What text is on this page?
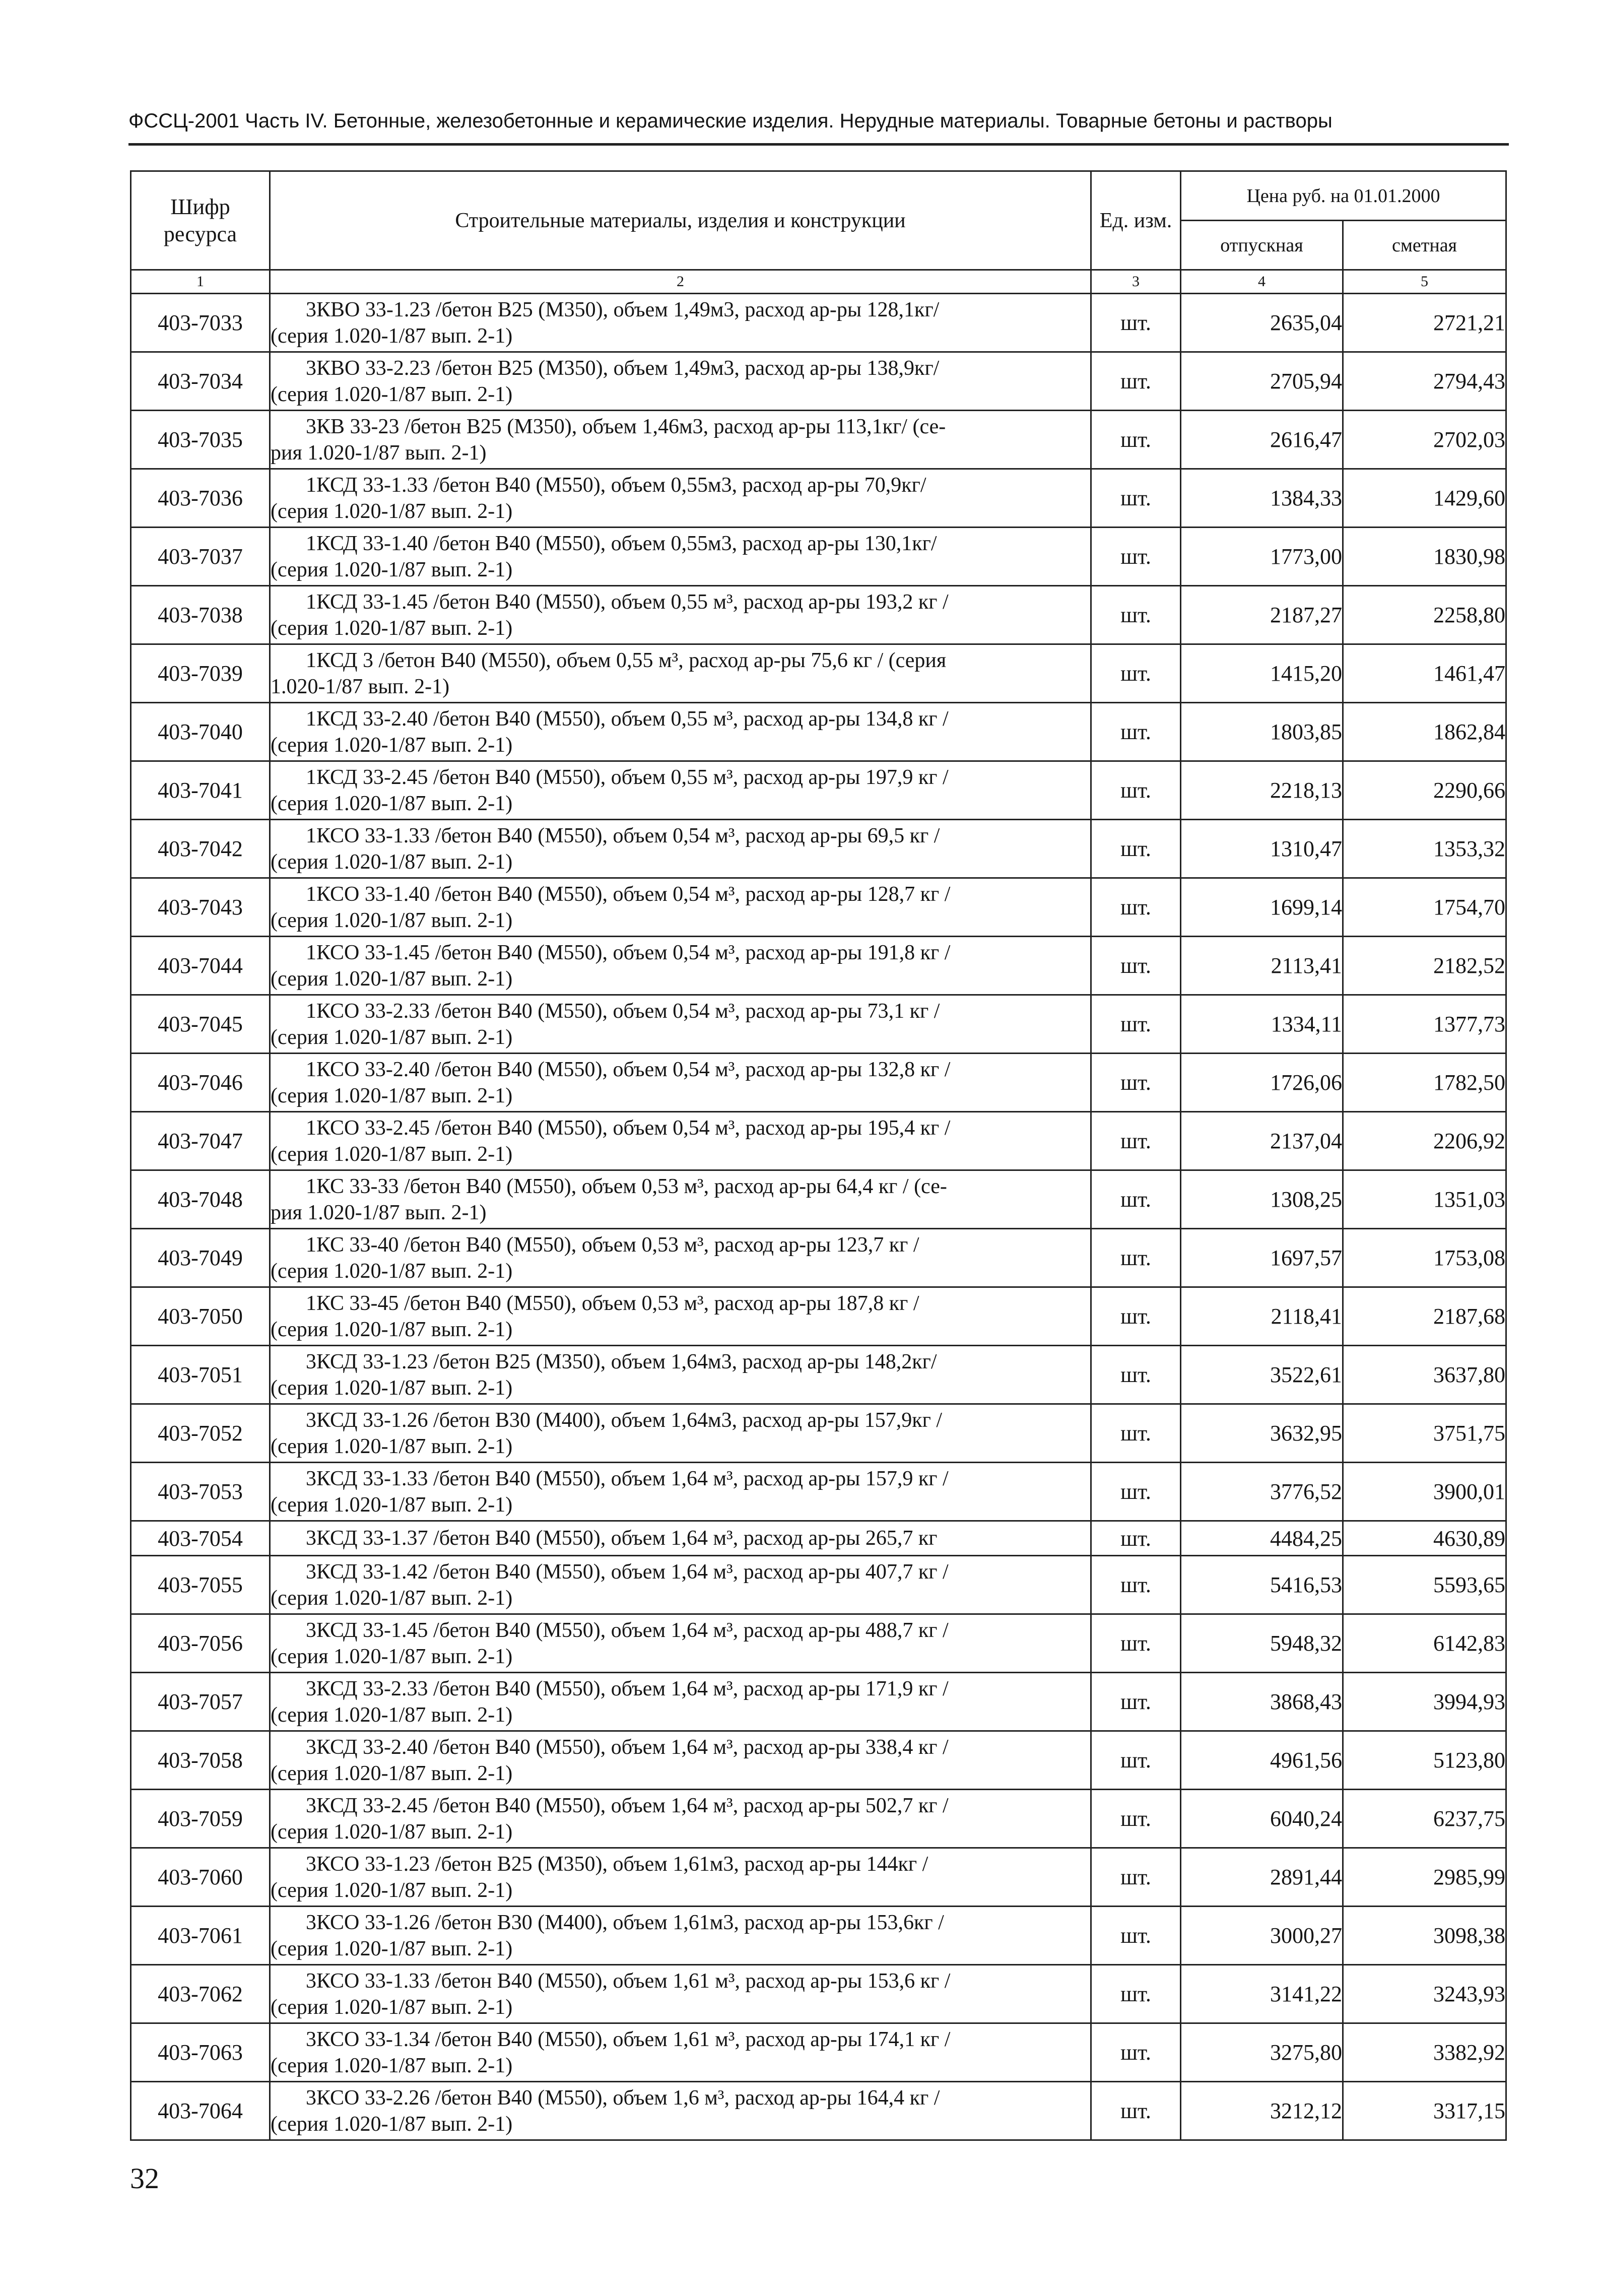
ФССЦ-2001 Часть IV. Бетонные, железобетонные и керамические изделия. Нерудные материалы. Товарные бетоны и растворы
Шифр ресурса	Строительные материалы, изделия и конструкции	Ед. изм.	Цена руб. на 01.01.2000	
			отпускная	сметная
1	2	3	4	5
403-7033	3КВО 33-1.23 /бетон В25 (М350), объем 1,49м3, расход ар-ры 128,1кг/
(серия 1.020-1/87 вып. 2-1)	шт.	2635,04	2721,21
403-7034	3КВО 33-2.23 /бетон В25 (М350), объем 1,49м3, расход ар-ры 138,9кг/
(серия 1.020-1/87 вып. 2-1)	шт.	2705,94	2794,43
403-7035	3КВ 33-23 /бетон В25 (М350), объем 1,46м3, расход ар-ры 113,1кг/ (се-
рия 1.020-1/87 вып. 2-1)	шт.	2616,47	2702,03
403-7036	1КСД 33-1.33 /бетон В40 (М550), объем 0,55м3, расход ар-ры 70,9кг/
(серия 1.020-1/87 вып. 2-1)	шт.	1384,33	1429,60
403-7037	1КСД 33-1.40 /бетон В40 (М550), объем 0,55м3, расход ар-ры 130,1кг/
(серия 1.020-1/87 вып. 2-1)	шт.	1773,00	1830,98
403-7038	1КСД 33-1.45 /бетон В40 (М550), объем 0,55 м³, расход ар-ры 193,2 кг /
(серия 1.020-1/87 вып. 2-1)	шт.	2187,27	2258,80
403-7039	1КСД 3 /бетон В40 (М550), объем 0,55 м³, расход ар-ры 75,6 кг / (серия
1.020-1/87 вып. 2-1)	шт.	1415,20	1461,47
403-7040	1КСД 33-2.40 /бетон В40 (М550), объем 0,55 м³, расход ар-ры 134,8 кг /
(серия 1.020-1/87 вып. 2-1)	шт.	1803,85	1862,84
403-7041	1КСД 33-2.45 /бетон В40 (М550), объем 0,55 м³, расход ар-ры 197,9 кг /
(серия 1.020-1/87 вып. 2-1)	шт.	2218,13	2290,66
403-7042	1КСО 33-1.33 /бетон В40 (М550), объем 0,54 м³, расход ар-ры 69,5 кг /
(серия 1.020-1/87 вып. 2-1)	шт.	1310,47	1353,32
403-7043	1КСО 33-1.40 /бетон В40 (М550), объем 0,54 м³, расход ар-ры 128,7 кг /
(серия 1.020-1/87 вып. 2-1)	шт.	1699,14	1754,70
403-7044	1КСО 33-1.45 /бетон В40 (М550), объем 0,54 м³, расход ар-ры 191,8 кг /
(серия 1.020-1/87 вып. 2-1)	шт.	2113,41	2182,52
403-7045	1КСО 33-2.33 /бетон В40 (М550), объем 0,54 м³, расход ар-ры 73,1 кг /
(серия 1.020-1/87 вып. 2-1)	шт.	1334,11	1377,73
403-7046	1КСО 33-2.40 /бетон В40 (М550), объем 0,54 м³, расход ар-ры 132,8 кг /
(серия 1.020-1/87 вып. 2-1)	шт.	1726,06	1782,50
403-7047	1КСО 33-2.45 /бетон В40 (М550), объем 0,54 м³, расход ар-ры 195,4 кг /
(серия 1.020-1/87 вып. 2-1)	шт.	2137,04	2206,92
403-7048	1КС 33-33 /бетон В40 (М550), объем 0,53 м³, расход ар-ры 64,4 кг / (се-
рия 1.020-1/87 вып. 2-1)	шт.	1308,25	1351,03
403-7049	1КС 33-40 /бетон В40 (М550), объем 0,53 м³, расход ар-ры 123,7 кг /
(серия 1.020-1/87 вып. 2-1)	шт.	1697,57	1753,08
403-7050	1КС 33-45 /бетон В40 (М550), объем 0,53 м³, расход ар-ры 187,8 кг /
(серия 1.020-1/87 вып. 2-1)	шт.	2118,41	2187,68
403-7051	3КСД 33-1.23 /бетон В25 (М350), объем 1,64м3, расход ар-ры 148,2кг/
(серия 1.020-1/87 вып. 2-1)	шт.	3522,61	3637,80
403-7052	3КСД 33-1.26 /бетон В30 (М400), объем 1,64м3, расход ар-ры 157,9кг /
(серия 1.020-1/87 вып. 2-1)	шт.	3632,95	3751,75
403-7053	3КСД 33-1.33 /бетон В40 (М550), объем 1,64 м³, расход ар-ры 157,9 кг /
(серия 1.020-1/87 вып. 2-1)	шт.	3776,52	3900,01
403-7054	3КСД 33-1.37 /бетон В40 (М550), объем 1,64 м³, расход ар-ры 265,7 кг	шт.	4484,25	4630,89
403-7055	3КСД 33-1.42 /бетон В40 (М550), объем 1,64 м³, расход ар-ры 407,7 кг /
(серия 1.020-1/87 вып. 2-1)	шт.	5416,53	5593,65
403-7056	3КСД 33-1.45 /бетон В40 (М550), объем 1,64 м³, расход ар-ры 488,7 кг /
(серия 1.020-1/87 вып. 2-1)	шт.	5948,32	6142,83
403-7057	3КСД 33-2.33 /бетон В40 (М550), объем 1,64 м³, расход ар-ры 171,9 кг /
(серия 1.020-1/87 вып. 2-1)	шт.	3868,43	3994,93
403-7058	3КСД 33-2.40 /бетон В40 (М550), объем 1,64 м³, расход ар-ры 338,4 кг /
(серия 1.020-1/87 вып. 2-1)	шт.	4961,56	5123,80
403-7059	3КСД 33-2.45 /бетон В40 (М550), объем 1,64 м³, расход ар-ры 502,7 кг /
(серия 1.020-1/87 вып. 2-1)	шт.	6040,24	6237,75
403-7060	3КСО 33-1.23 /бетон В25 (М350), объем 1,61м3, расход ар-ры 144кг /
(серия 1.020-1/87 вып. 2-1)	шт.	2891,44	2985,99
403-7061	3КСО 33-1.26 /бетон В30 (М400), объем 1,61м3, расход ар-ры 153,6кг /
(серия 1.020-1/87 вып. 2-1)	шт.	3000,27	3098,38
403-7062	3КСО 33-1.33 /бетон В40 (М550), объем 1,61 м³, расход ар-ры 153,6 кг /
(серия 1.020-1/87 вып. 2-1)	шт.	3141,22	3243,93
403-7063	3КСО 33-1.34 /бетон В40 (М550), объем 1,61 м³, расход ар-ры 174,1 кг /
(серия 1.020-1/87 вып. 2-1)	шт.	3275,80	3382,92
403-7064	3КСО 33-2.26 /бетон В40 (М550), объем 1,6 м³, расход ар-ры 164,4 кг /
(серия 1.020-1/87 вып. 2-1)	шт.	3212,12	3317,15
32
